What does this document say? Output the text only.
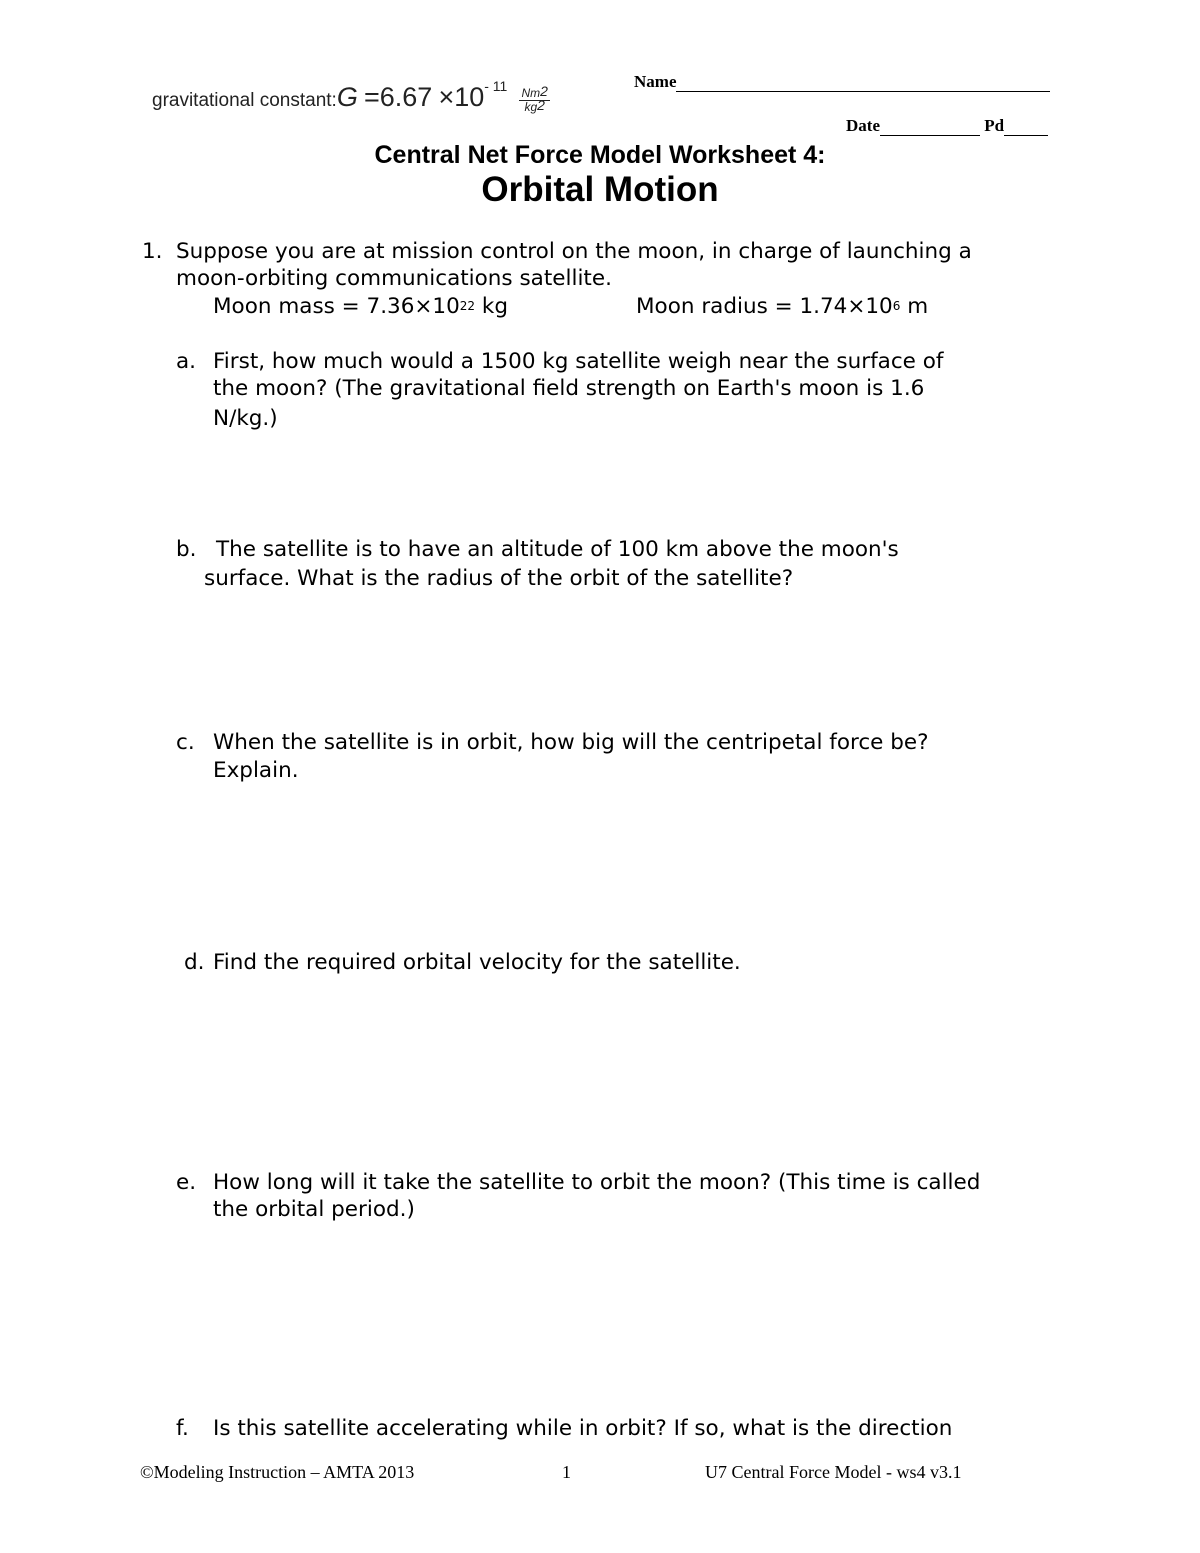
gravitational constant:G $=6.67 \times 10^{- 11}$
$\frac{Nm^2}{kg^2}$
Name
Date	Pd
Central Net Force Model Worksheet 4:
Orbital Motion
1. Suppose you are at mission control on the moon, in charge of launching a
moon-orbiting communications satellite.
Moon mass = $7.36\times 10^{22}$ kg	Moon radius = $1.74\times 10^6$ m
a. First, how much would a 1500 kg satellite weigh near the surface of
the moon? (The gravitational field strength on Earth's moon is 1.6
N/kg.)
b. The satellite is to have an altitude of 100 km above the moon's
surface. What is the radius of the orbit of the satellite?
c. When the satellite is in orbit, how big will the centripetal force be?
Explain.
d. Find the required orbital velocity for the satellite.
e. How long will it take the satellite to orbit the moon? (This time is called
the orbital period.)
f. Is this satellite accelerating while in orbit? If so, what is the direction
©Modeling Instruction – AMTA 2013	1	U7 Central Force Model - ws4 v3.1
